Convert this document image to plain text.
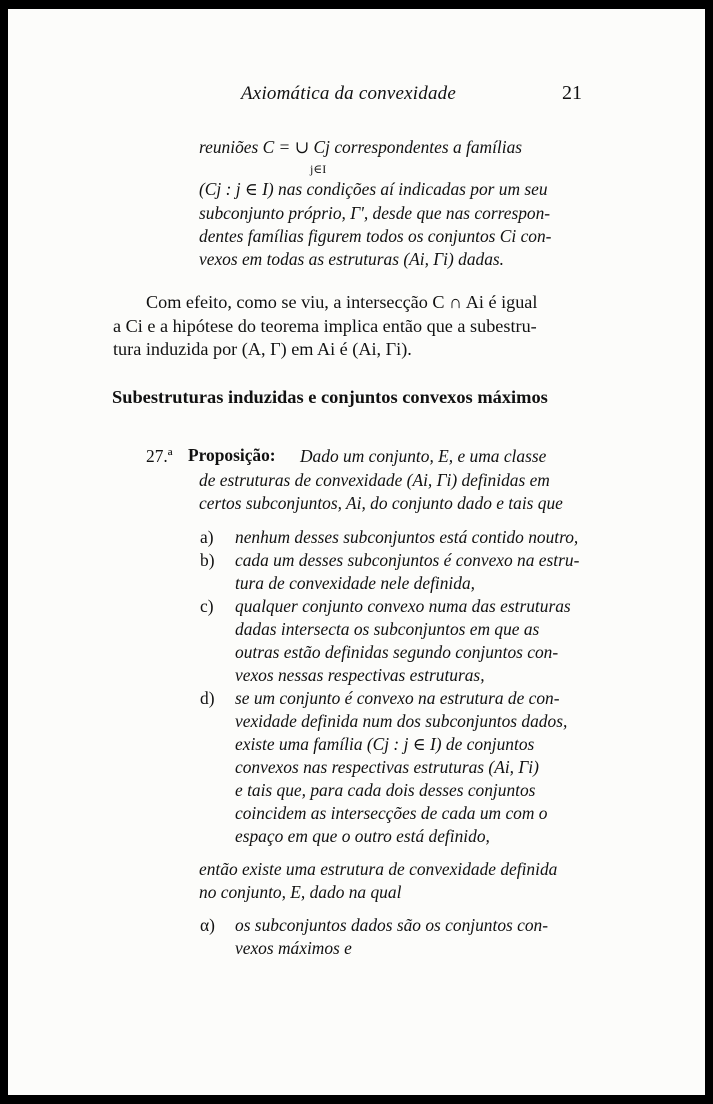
Axiomática da convexidade	21
reuniões C = ∪ Cj correspondentes a famílias
j∈I
(Cj : j ∈ I) nas condições aí indicadas por um seu
subconjunto próprio, Γ', desde que nas correspon-
dentes famílias figurem todos os conjuntos Ci con-
vexos em todas as estruturas (Ai, Γi) dadas.
Com efeito, como se viu, a intersecção C ∩ Ai é igual
a Ci e a hipótese do teorema implica então que a subestru-
tura induzida por (A, Γ) em Ai é (Ai, Γi).
Subestruturas induzidas e conjuntos convexos máximos
27.ª Proposição: Dado um conjunto, E, e uma classe
de estruturas de convexidade (Ai, Γi) definidas em
certos subconjuntos, Ai, do conjunto dado e tais que
a) nenhum desses subconjuntos está contido noutro,
b) cada um desses subconjuntos é convexo na estru-
tura de convexidade nele definida,
c) qualquer conjunto convexo numa das estruturas
dadas intersecta os subconjuntos em que as
outras estão definidas segundo conjuntos con-
vexos nessas respectivas estruturas,
d) se um conjunto é convexo na estrutura de con-
vexidade definida num dos subconjuntos dados,
existe uma família (Cj : j ∈ I) de conjuntos
convexos nas respectivas estruturas (Ai, Γi)
e tais que, para cada dois desses conjuntos
coincidem as intersecções de cada um com o
espaço em que o outro está definido,
então existe uma estrutura de convexidade definida
no conjunto, E, dado na qual
α) os subconjuntos dados são os conjuntos con-
vexos máximos e
